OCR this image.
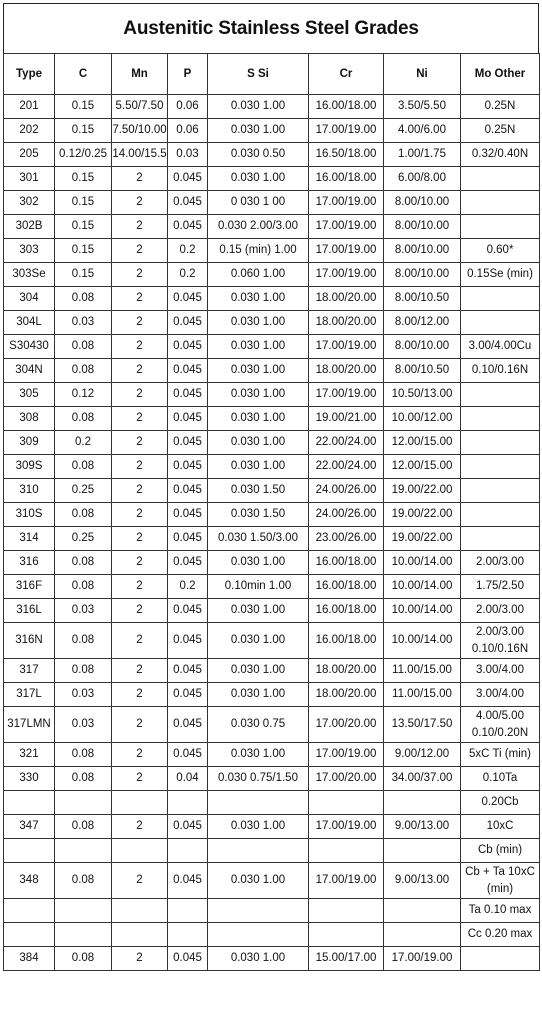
Austenitic Stainless Steel Grades
Type	C	Mn	P	S Si	Cr	Ni	Mo Other
201	0.15	5.50/7.50	0.06	0.030 1.00	16.00/18.00	3.50/5.50	0.25N
202	0.15	7.50/10.00	0.06	0.030 1.00	17.00/19.00	4.00/6.00	0.25N
205	0.12/0.25	14.00/15.5	0.03	0.030 0.50	16.50/18.00	1.00/1.75	0.32/0.40N
301	0.15	2	0.045	0.030 1.00	16.00/18.00	6.00/8.00	
302	0.15	2	0.045	0 030 1 00	17.00/19.00	8.00/10.00	
302B	0.15	2	0.045	0.030 2.00/3.00	17.00/19.00	8.00/10.00	
303	0.15	2	0.2	0.15 (min) 1.00	17.00/19.00	8.00/10.00	0.60*
303Se	0.15	2	0.2	0.060 1.00	17.00/19.00	8.00/10.00	0.15Se (min)
304	0.08	2	0.045	0.030 1.00	18.00/20.00	8.00/10.50	
304L	0.03	2	0.045	0.030 1.00	18.00/20.00	8.00/12.00	
S30430	0.08	2	0.045	0.030 1.00	17.00/19.00	8.00/10.00	3.00/4.00Cu
304N	0.08	2	0.045	0.030 1.00	18.00/20.00	8.00/10.50	0.10/0.16N
305	0.12	2	0.045	0.030 1.00	17.00/19.00	10.50/13.00	
308	0.08	2	0.045	0.030 1.00	19.00/21.00	10.00/12.00	
309	0.2	2	0.045	0.030 1.00	22.00/24.00	12.00/15.00	
309S	0.08	2	0.045	0.030 1.00	22.00/24.00	12.00/15.00	
310	0.25	2	0.045	0.030 1.50	24.00/26.00	19.00/22.00	
310S	0.08	2	0.045	0.030 1.50	24.00/26.00	19.00/22.00	
314	0.25	2	0.045	0.030 1.50/3.00	23.00/26.00	19.00/22.00	
316	0.08	2	0.045	0.030 1.00	16.00/18.00	10.00/14.00	2.00/3.00
316F	0.08	2	0.2	0.10min 1.00	16.00/18.00	10.00/14.00	1.75/2.50
316L	0.03	2	0.045	0.030 1.00	16.00/18.00	10.00/14.00	2.00/3.00
316N	0.08	2	0.045	0.030 1.00	16.00/18.00	10.00/14.00	2.00/3.00 0.10/0.16N
317	0.08	2	0.045	0.030 1.00	18.00/20.00	11.00/15.00	3.00/4.00
317L	0.03	2	0.045	0.030 1.00	18.00/20.00	11.00/15.00	3.00/4.00
317LMN	0.03	2	0.045	0.030 0.75	17.00/20.00	13.50/17.50	4.00/5.00 0.10/0.20N
321	0.08	2	0.045	0.030 1.00	17.00/19.00	9.00/12.00	5xC Ti (min)
330	0.08	2	0.04	0.030 0.75/1.50	17.00/20.00	34.00/37.00	0.10Ta
							0.20Cb
347	0.08	2	0.045	0.030 1.00	17.00/19.00	9.00/13.00	10xC
							Cb (min)
348	0.08	2	0.045	0.030 1.00	17.00/19.00	9.00/13.00	Cb + Ta 10xC (min)
							Ta 0.10 max
							Cc 0.20 max
384	0.08	2	0.045	0.030 1.00	15.00/17.00	17.00/19.00	
